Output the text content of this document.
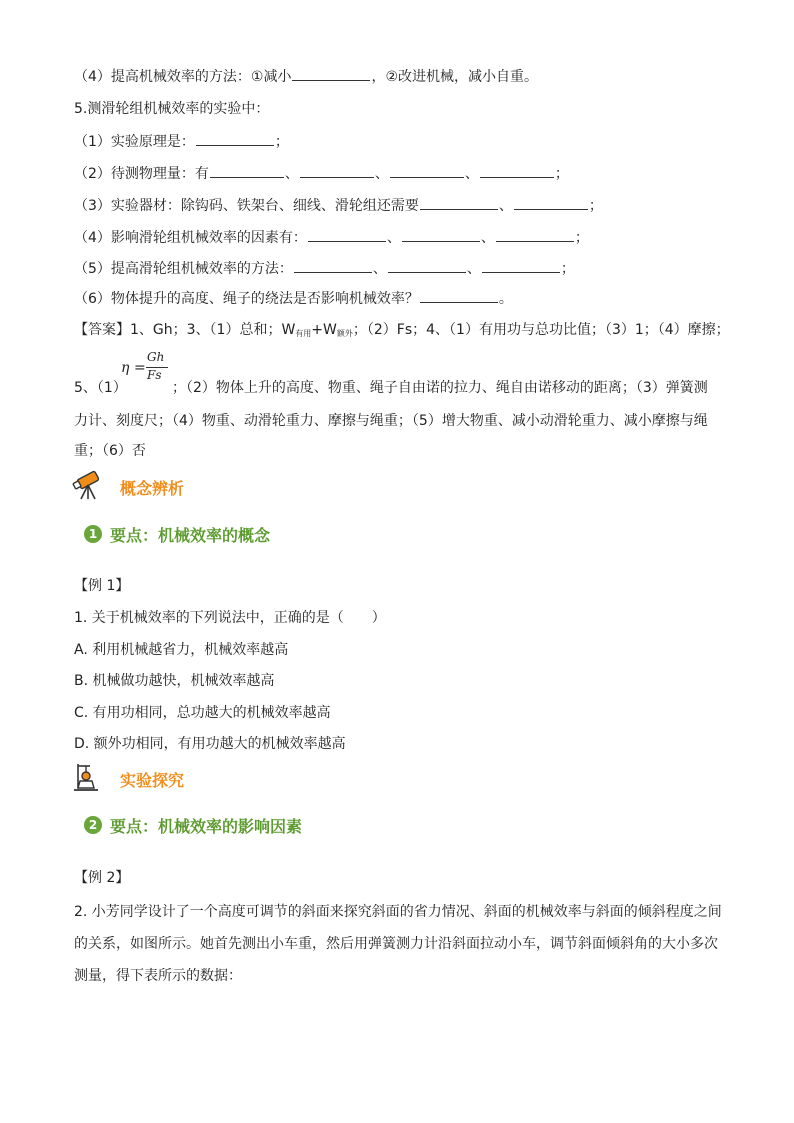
（4）提高机械效率的方法：①减小	，②改进机械，减小自重。
5.测滑轮组机械效率的实验中：
（1）实验原理是：	；
（2）待测物理量：有	、	、	、	；
（3）实验器材：除钩码、铁架台、细线、滑轮组还需要	、	；
（4）影响滑轮组机械效率的因素有：	、	、	；
（5）提高滑轮组机械效率的方法：	、	、	；
（6）物体提升的高度、绳子的绕法是否影响机械效率？	。
【答案】1、Gh；3、（1）总和；$W_{有用}+W_{额外}$；（2）Fs；4、（1）有用功与总功比值；（3）1；（4）摩擦；
5、（1）
η =
Gh
Fs
；（2）物体上升的高度、物重、绳子自由诺的拉力、绳自由诺移动的距离；（3）弹簧测
力计、刻度尺；（4）物重、动滑轮重力、摩擦与绳重；（5）增大物重、减小动滑轮重力、减小摩擦与绳
重；（6）否
概念辨析
1 要点：机械效率的概念
【例 1】
1. 关于机械效率的下列说法中，正确的是（　　）
A. 利用机械越省力，机械效率越高
B. 机械做功越快，机械效率越高
C. 有用功相同，总功越大的机械效率越高
D. 额外功相同，有用功越大的机械效率越高
实验探究
2 要点：机械效率的影响因素
【例 2】
2. 小芳同学设计了一个高度可调节的斜面来探究斜面的省力情况、斜面的机械效率与斜面的倾斜程度之间
的关系，如图所示。她首先测出小车重，然后用弹簧测力计沿斜面拉动小车，调节斜面倾斜角的大小多次
测量，得下表所示的数据：
